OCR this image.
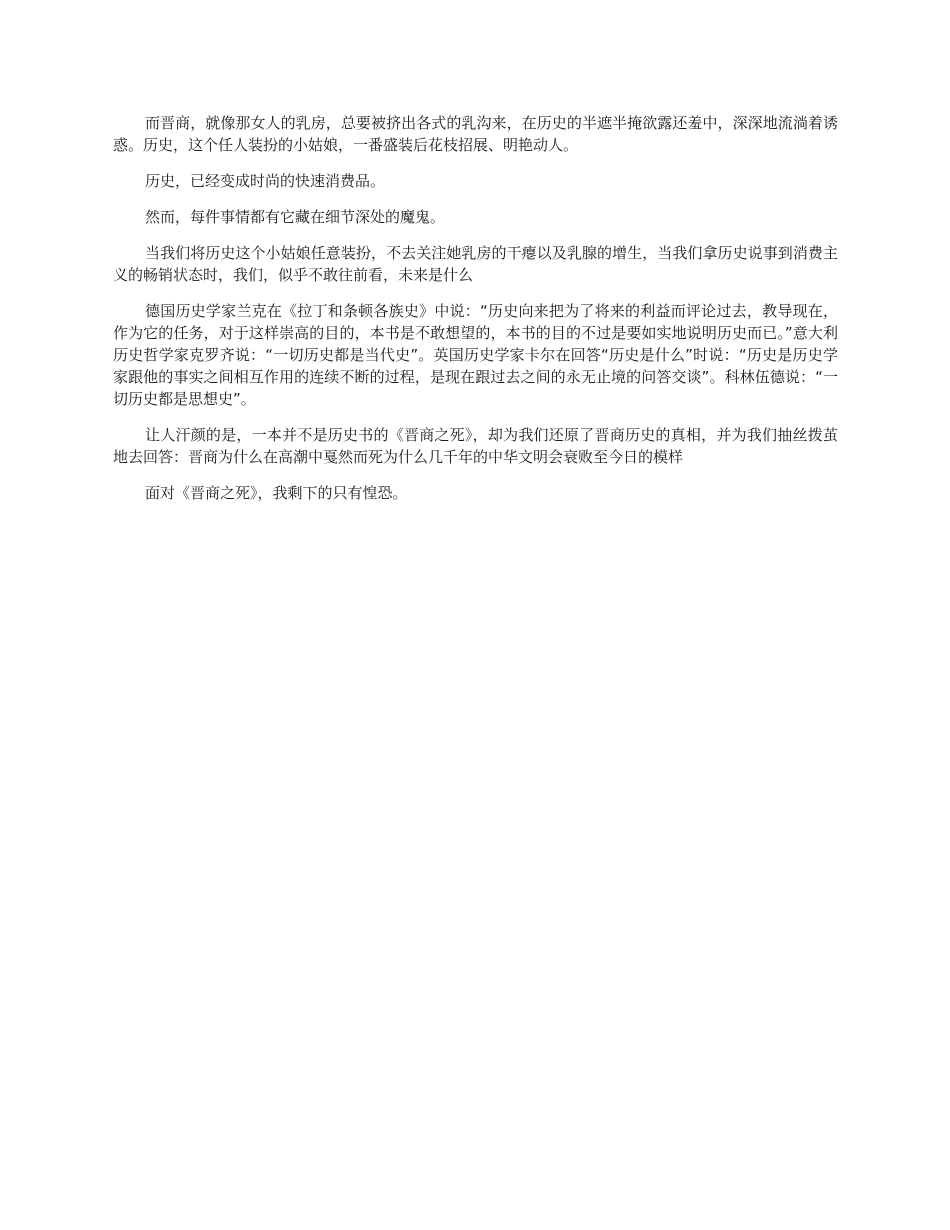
而晋商，就像那女人的乳房，总要被挤出各式的乳沟来，在历史的半遮半掩欲露还羞中，深深地流淌着诱惑。历史，这个任人装扮的小姑娘，一番盛装后花枝招展、明艳动人。

历史，已经变成时尚的快速消费品。

然而，每件事情都有它藏在细节深处的魔鬼。

当我们将历史这个小姑娘任意装扮，不去关注她乳房的干瘪以及乳腺的增生，当我们拿历史说事到消费主义的畅销状态时，我们，似乎不敢往前看，未来是什么

德国历史学家兰克在《拉丁和条顿各族史》中说：“历史向来把为了将来的利益而评论过去，教导现在，作为它的任务，对于这样崇高的目的，本书是不敢想望的，本书的目的不过是要如实地说明历史而已。”意大利历史哲学家克罗齐说：“一切历史都是当代史”。英国历史学家卡尔在回答“历史是什么”时说：“历史是历史学家跟他的事实之间相互作用的连续不断的过程，是现在跟过去之间的永无止境的问答交谈”。科林伍德说：“一切历史都是思想史”。

让人汗颜的是，一本并不是历史书的《晋商之死》，却为我们还原了晋商历史的真相，并为我们抽丝拨茧地去回答：晋商为什么在高潮中戛然而死为什么几千年的中华文明会衰败至今日的模样

面对《晋商之死》，我剩下的只有惶恐。
